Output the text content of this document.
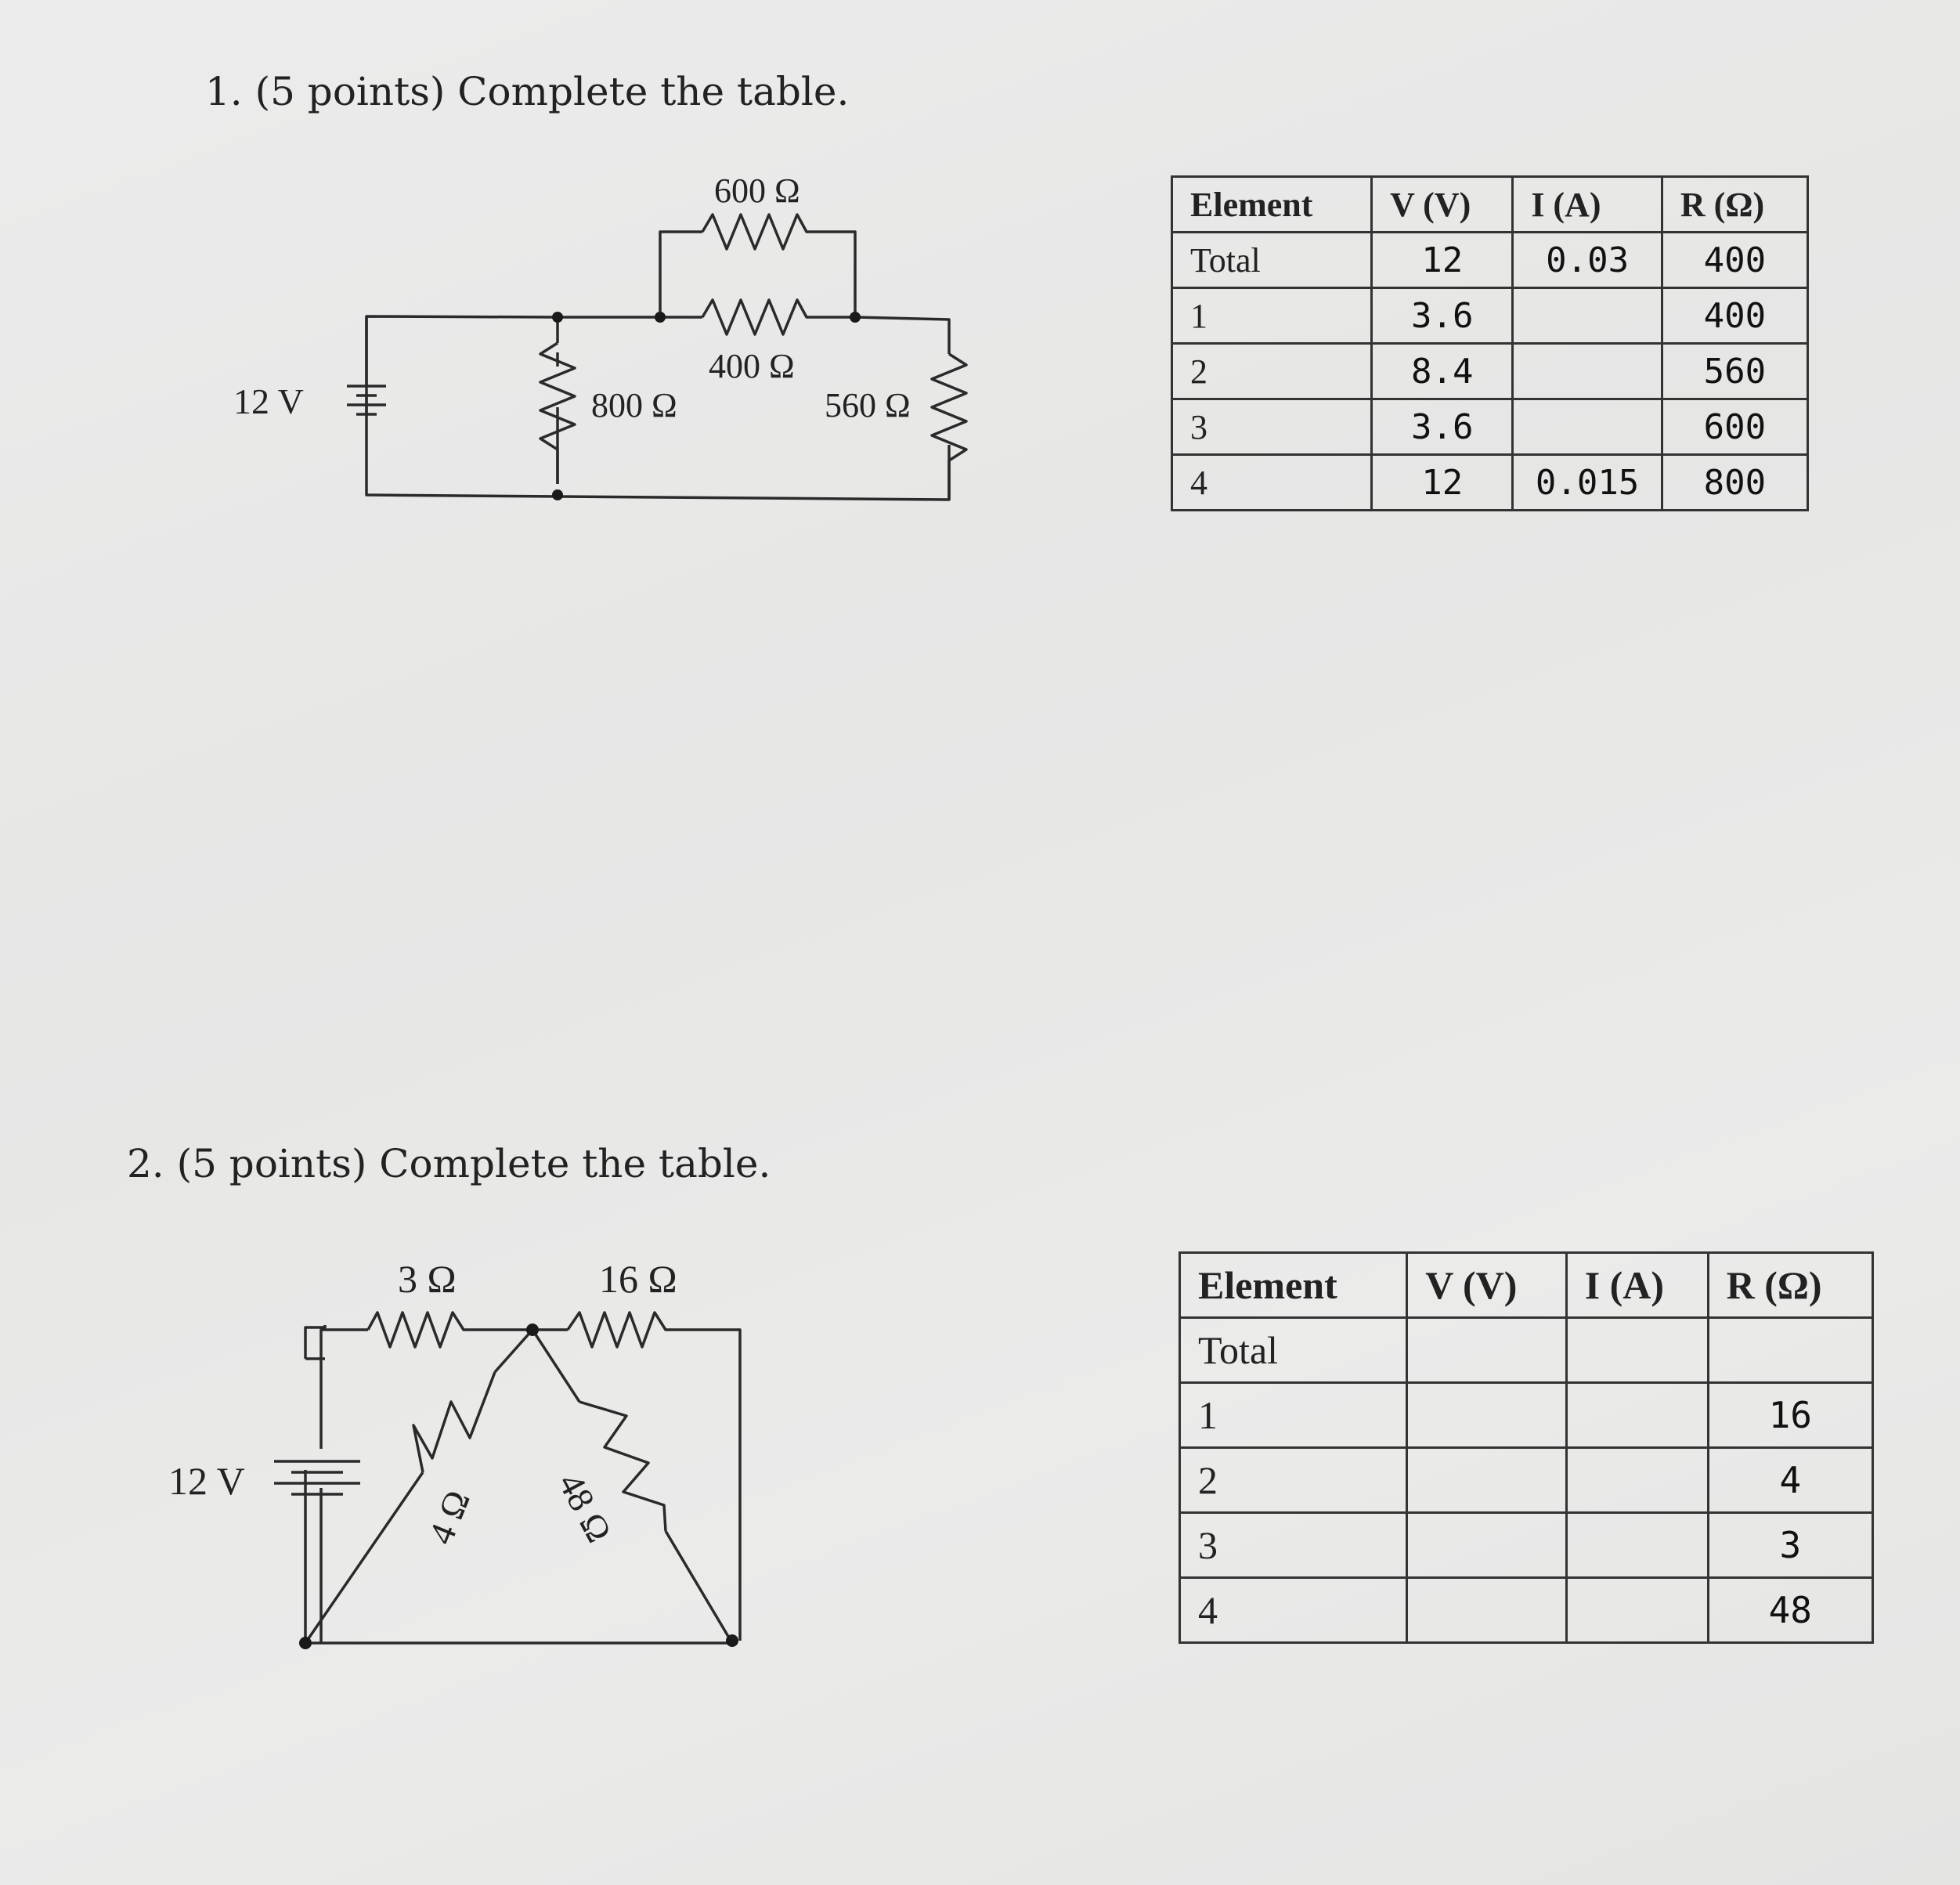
1. (5 points) Complete the table.
12 V
600 Ω
400 Ω
800 Ω	560 Ω
12 V
3 Ω	16 Ω
4 Ω 48 Ω
Element	V (V)	I (A)	R (Ω)
Total	12	0.03	400
1	3.6		400
2	8.4		560
3	3.6		600
4	12	0.015	800
2. (5 points) Complete the table.
Element	V (V)	I (A)	R (Ω)
Total			
1			16
2			4
3			3
4			48
